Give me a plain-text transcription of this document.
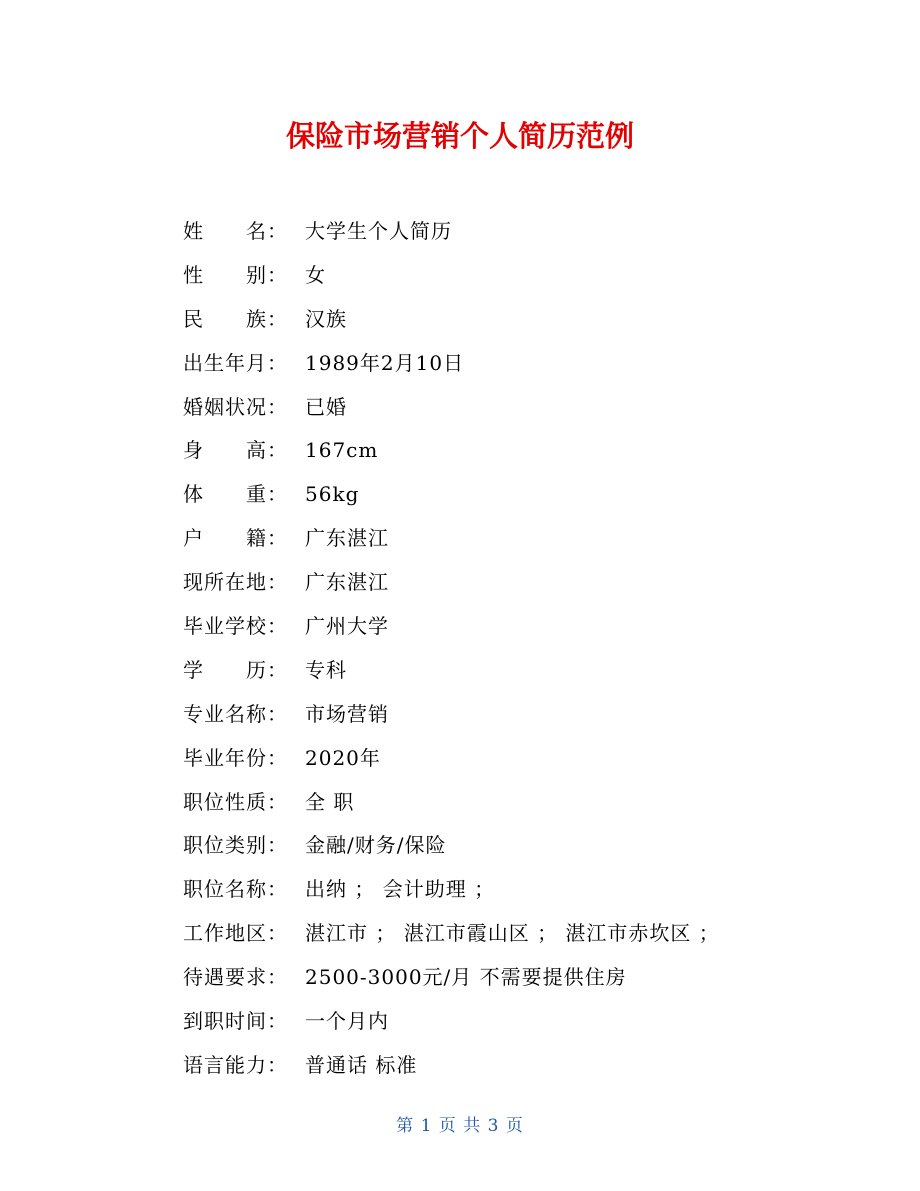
保险市场营销个人简历范例
姓　　名： 大学生个人简历
性　　别： 女
民　　族： 汉族
出生年月： 1989年2月10日
婚姻状况： 已婚
身　　高： 167cm
体　　重： 56kg
户　　籍： 广东湛江
现所在地： 广东湛江
毕业学校： 广州大学
学　　历： 专科
专业名称： 市场营销
毕业年份： 2020年
职位性质： 全 职
职位类别： 金融/财务/保险
职位名称： 出纳 ； 会计助理 ；
工作地区： 湛江市 ； 湛江市霞山区 ； 湛江市赤坎区 ；
待遇要求： 2500-3000元/月 不需要提供住房
到职时间： 一个月内
语言能力： 普通话 标准
第 1 页 共 3 页
